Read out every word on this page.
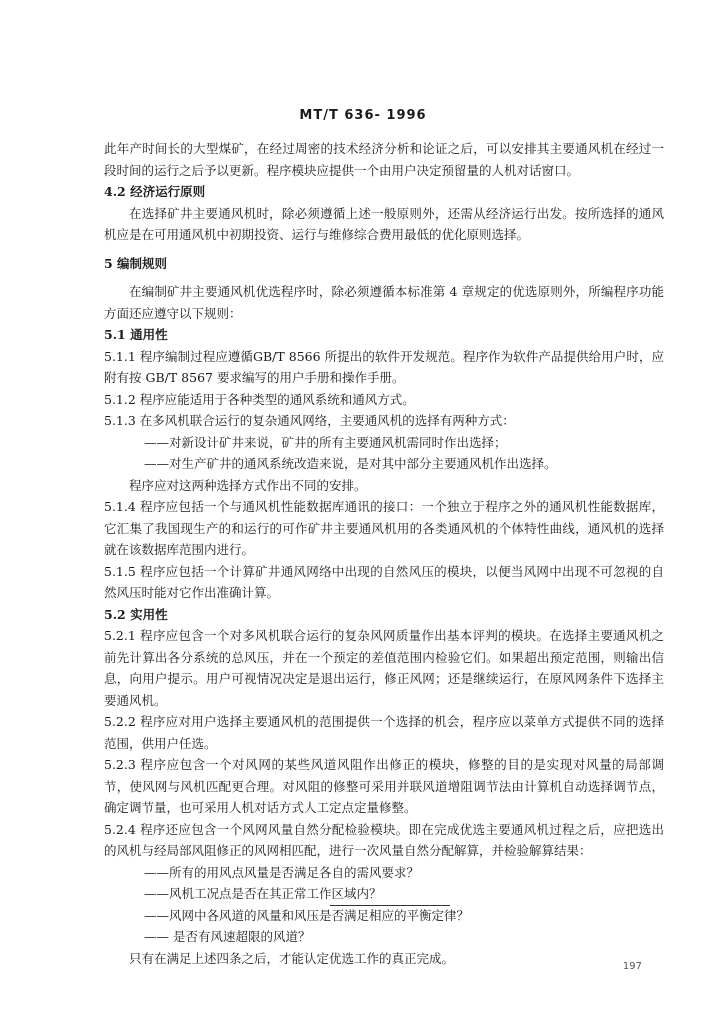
MT/T 636- 1996

此年产时间长的大型煤矿，在经过周密的技术经济分析和论证之后，可以安排其主要通风机在经过一段时间的运行之后予以更新。程序模块应提供一个由用户决定预留量的人机对话窗口。

4.2 经济运行原则

在选择矿井主要通风机时，除必须遵循上述一般原则外，还需从经济运行出发。按所选择的通风机应是在可用通风机中初期投资、运行与维修综合费用最低的优化原则选择。

5 编制规则

在编制矿井主要通风机优选程序时，除必须遵循本标准第 4 章规定的优选原则外，所编程序功能方面还应遵守以下规则：

5.1 通用性

5.1.1 程序编制过程应遵循GB/T 8566 所提出的软件开发规范。程序作为软件产品提供给用户时，应附有按 GB/T 8567 要求编写的用户手册和操作手册。

5.1.2 程序应能适用于各种类型的通风系统和通风方式。

5.1.3 在多风机联合运行的复杂通风网络，主要通风机的选择有两种方式：

——对新设计矿井来说，矿井的所有主要通风机需同时作出选择；

——对生产矿井的通风系统改造来说，是对其中部分主要通风机作出选择。

程序应对这两种选择方式作出不同的安排。

5.1.4 程序应包括一个与通风机性能数据库通讯的接口：一个独立于程序之外的通风机性能数据库，它汇集了我国现生产的和运行的可作矿井主要通风机用的各类通风机的个体特性曲线，通风机的选择就在该数据库范围内进行。

5.1.5 程序应包括一个计算矿井通风网络中出现的自然风压的模块，以便当风网中出现不可忽视的自然风压时能对它作出准确计算。

5.2 实用性

5.2.1 程序应包含一个对多风机联合运行的复杂风网质量作出基本评判的模块。在选择主要通风机之前先计算出各分系统的总风压，并在一个预定的差值范围内检验它们。如果超出预定范围，则输出信息，向用户提示。用户可视情况决定是退出运行，修正风网；还是继续运行，在原风网条件下选择主要通风机。

5.2.2 程序应对用户选择主要通风机的范围提供一个选择的机会，程序应以菜单方式提供不同的选择范围，供用户任选。

5.2.3 程序应包含一个对风网的某些风道风阻作出修正的模块，修整的目的是实现对风量的局部调节，使风网与风机匹配更合理。对风阻的修整可采用并联风道增阻调节法由计算机自动选择调节点，确定调节量，也可采用人机对话方式人工定点定量修整。

5.2.4 程序还应包含一个风网风量自然分配检验模块。即在完成优选主要通风机过程之后，应把选出的风机与经局部风阻修正的风网相匹配，进行一次风量自然分配解算，并检验解算结果：

——所有的用风点风量是否满足各自的需风要求？

——风机工况点是否在其正常工作区域内？

——风网中各风道的风量和风压是否满足相应的平衡定律？

—— 是否有风速超限的风道？

只有在满足上述四条之后，才能认定优选工作的真正完成。

197
